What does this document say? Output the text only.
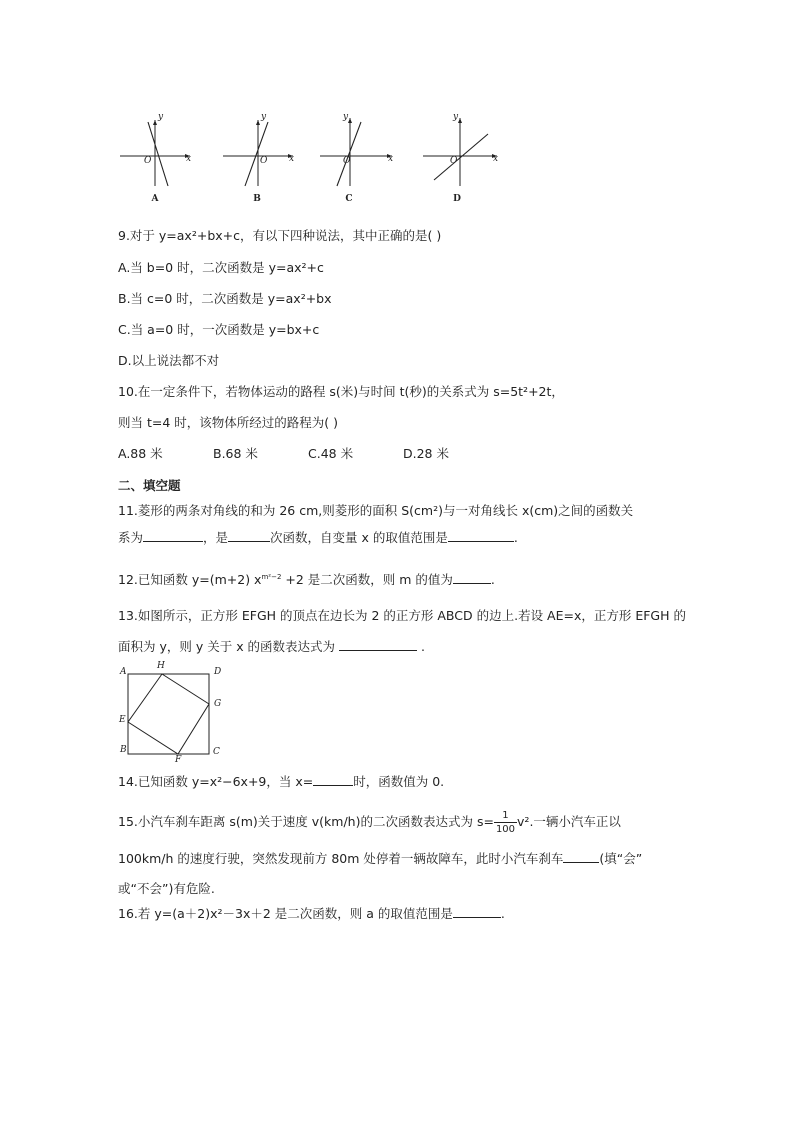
y
x
O
y
x
O
y
x
O
y
x
O
A	B	C	D
9.对于 y=ax²+bx+c，有以下四种说法，其中正确的是( )
A.当 b=0 时，二次函数是 y=ax²+c
B.当 c=0 时，二次函数是 y=ax²+bx
C.当 a=0 时，一次函数是 y=bx+c
D.以上说法都不对
10.在一定条件下，若物体运动的路程 s(米)与时间 t(秒)的关系式为 s=5t²+2t，
则当 t=4 时，该物体所经过的路程为( )
A.88 米	B.68 米	C.48 米	D.28 米
二、填空题
11.菱形的两条对角线的和为 26 cm,则菱形的面积 S(cm²)与一对角线长 x(cm)之间的函数关
系为	，是	次函数，自变量 x 的取值范围是	.
12.已知函数 y=(m+2) $x^{m^2-2} +2$ 是二次函数，则 m 的值为	.
13.如图所示，正方形 EFGH 的顶点在边长为 2 的正方形 ABCD 的边上.若设 AE=x，正方形 EFGH 的
面积为 y，则 y 关于 x 的函数表达式为	.
A
H
D
E
G
B
F
C
14.已知函数 y=x²−6x+9，当 x=	时，函数值为 0.
15.小汽车刹车距离 s(m)关于速度 v(km/h)的二次函数表达式为 $s= \frac{1}{100} v^2$.一辆小汽车正以
100km/h 的速度行驶，突然发现前方 80m 处停着一辆故障车，此时小汽车刹车	(填“会”
或“不会”)有危险.
16.若 y=(a＋2)x²－3x＋2 是二次函数，则 a 的取值范围是	.
